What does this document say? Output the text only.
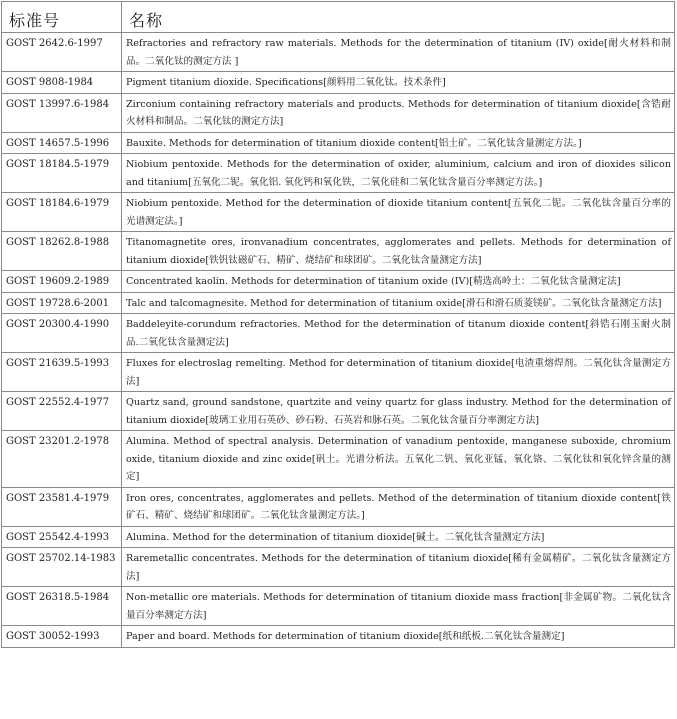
标准号	名称
GOST 2642.6-1997	Refractories and refractory raw materials. Methods for the determination of titanium (IV) oxide[耐火材料和制品。二氧化钛的测定方法 ]
GOST 9808-1984	Pigment titanium dioxide. Specifications[颜料用二氧化钛。技术条件]
GOST 13997.6-1984	Zirconium containing refractory materials and products. Methods for determination of titanium dioxide[含锆耐火材料和制品。二氧化钛的测定方法]
GOST 14657.5-1996	Bauxite. Methods for determination of titanium dioxide content[铝土矿。二氧化钛含量测定方法。]
GOST 18184.5-1979	Niobium pentoxide. Methods for the determination of oxider, aluminium, calcium and iron of dioxides silicon and titanium[五氧化二铌。氧化铝. 氧化钙和氧化铁，二氧化硅和二氧化钛含量百分率测定方法。]
GOST 18184.6-1979	Niobium pentoxide. Method for the determination of dioxide titanium content[五氧化二铌。二氧化钛含量百分率的光谱测定法。]
GOST 18262.8-1988	Titanomagnetite ores, ironvanadium concentrates, agglomerates and pellets. Methods for determination of titanium dioxide[铁钒钛磁矿石、精矿、烧结矿和球团矿。二氧化钛含量测定方法]
GOST 19609.2-1989	Concentrated kaolin. Methods for determination of titanium oxide (IV)[精选高岭土：二氧化钛含量测定法]
GOST 19728.6-2001	Talc and talcomagnesite. Method for determination of titanium oxide[滑石和滑石质菱镁矿。二氧化钛含量测定方法]
GOST 20300.4-1990	Baddeleyite-corundum refractories. Method for the determination of titanum dioxide content[斜锆石刚玉耐火制品.二氧化钛含量测定法]
GOST 21639.5-1993	Fluxes for electroslag remelting. Method for determination of titanium dioxide[电渣重熔焊剂。二氧化钛含量测定方法]
GOST 22552.4-1977	Quartz sand, ground sandstone, quartzite and veiny quartz for glass industry. Method for the determination of titanium dioxide[玻璃工业用石英砂、砂石粉、石英岩和脉石英。二氧化钛含量百分率测定方法]
GOST 23201.2-1978	Alumina. Method of spectral analysis. Determination of vanadium pentoxide, manganese suboxide, chromium oxide, titanium dioxide and zinc oxide[矾土。光谱分析法。五氧化二钒、氧化亚锰、氧化铬、二氧化钛和氧化锌含量的测定]
GOST 23581.4-1979	Iron ores, concentrates, agglomerates and pellets. Method of the determination of titanium dioxide content[铁矿石、精矿、烧结矿和球团矿。二氧化钛含量测定方法。]
GOST 25542.4-1993	Alumina. Method for the determination of titanium dioxide[碱土。二氧化钛含量测定方法]
GOST 25702.14-1983	Raremetallic concentrates. Methods for the determination of titanium dioxide[稀有金属精矿。二氧化钛含量测定方法]
GOST 26318.5-1984	Non-metallic ore materials. Methods for determination of titanium dioxide mass fraction[非金属矿物。二氧化钛含量百分率测定方法]
GOST 30052-1993	Paper and board. Methods for determination of titanium dioxide[纸和纸板.二氧化钛含量测定]
